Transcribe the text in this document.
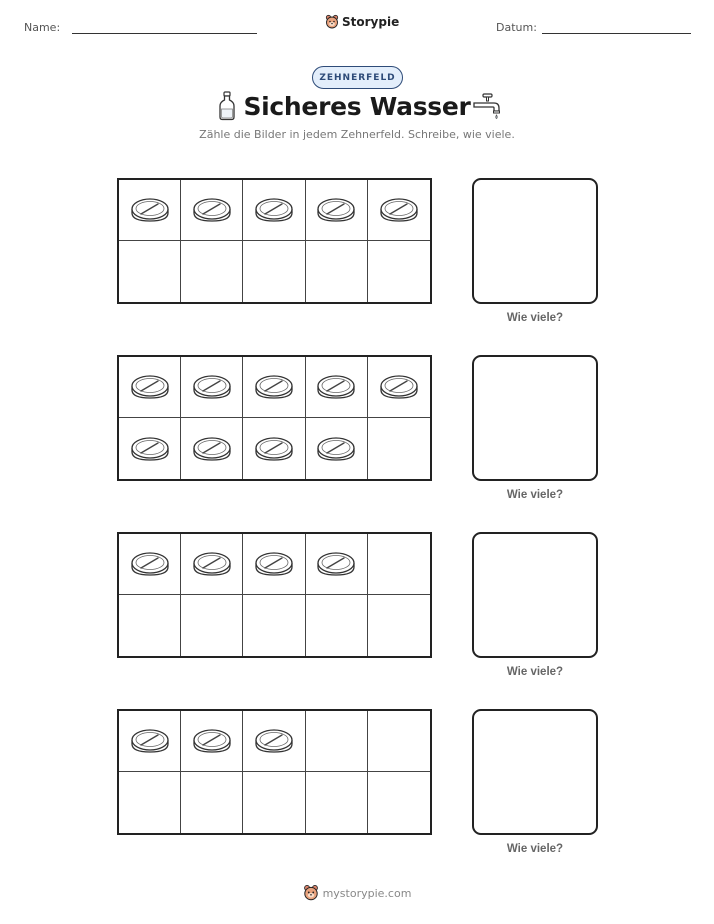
Name:	Storypie	Datum:
ZEHNERFELD
Sicheres Wasser
Zähle die Bilder in jedem Zehnerfeld. Schreibe, wie viele.
Wie viele?
Wie viele?
Wie viele?
Wie viele?
mystorypie.com
